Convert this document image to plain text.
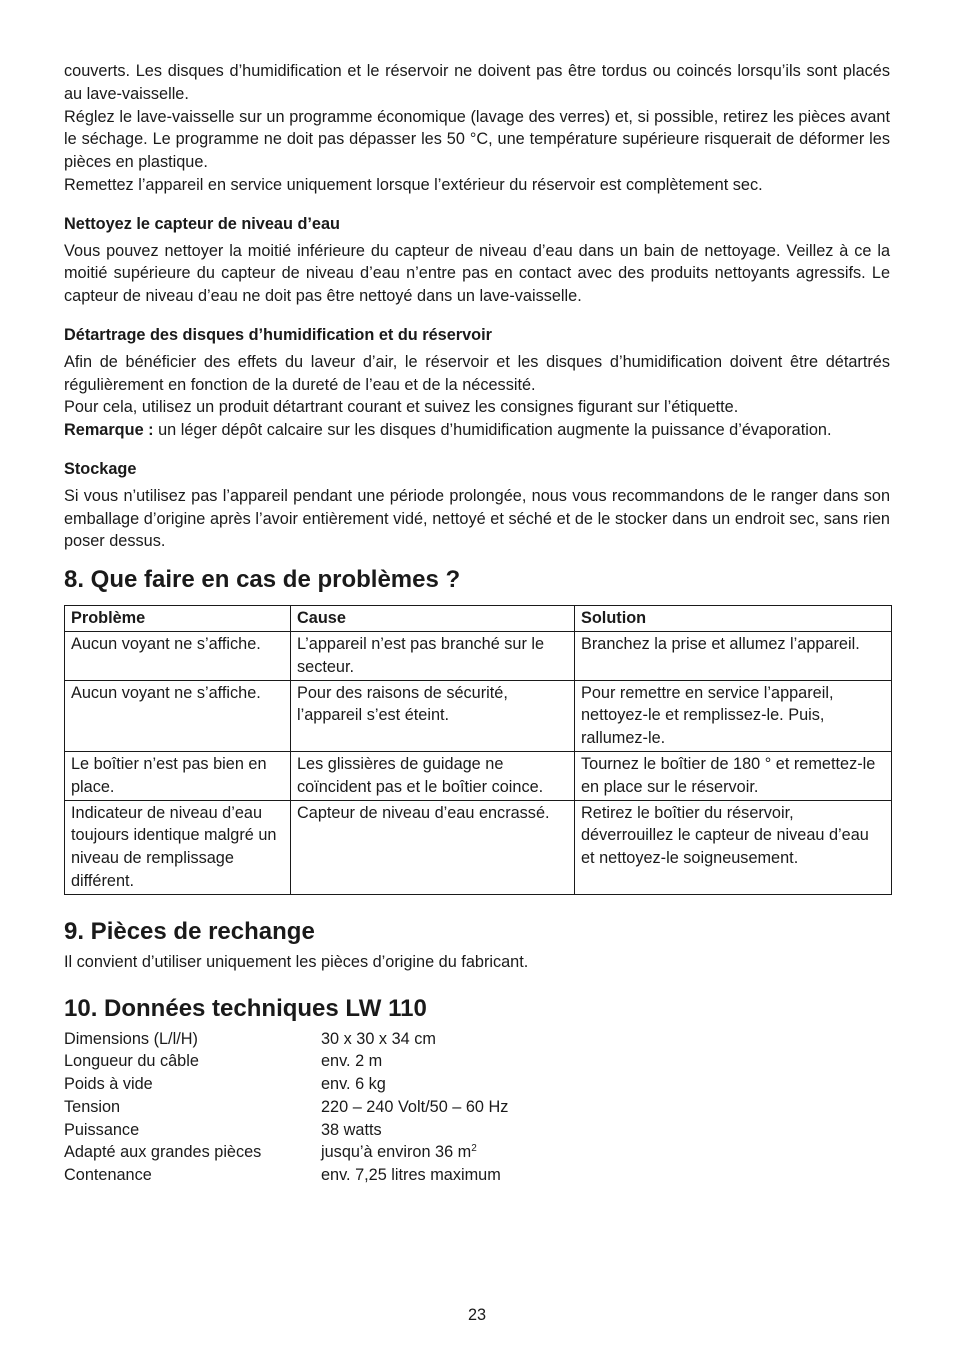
couverts. Les disques d’humidification et le réservoir ne doivent pas être tordus ou coincés lorsqu’ils sont placés au lave-vaisselle.

Réglez le lave-vaisselle sur un programme économique (lavage des verres) et, si possible, retirez les pièces avant le séchage. Le programme ne doit pas dépasser les 50 °C, une température supérieure risquerait de déformer les pièces en plastique.

Remettez l’appareil en service uniquement lorsque l’extérieur du réservoir est complètement sec.

Nettoyez le capteur de niveau d’eau

Vous pouvez nettoyer la moitié inférieure du capteur de niveau d’eau dans un bain de nettoyage. Veillez à ce la moitié supérieure du capteur de niveau d’eau n’entre pas en contact avec des produits nettoyants agressifs. Le capteur de niveau d’eau ne doit pas être nettoyé dans un lave-vaisselle.

Détartrage des disques d’humidification et du réservoir

Afin de bénéficier des effets du laveur d’air, le réservoir et les disques d’humidification doivent être détartrés régulièrement en fonction de la dureté de l’eau et de la nécessité.

Pour cela, utilisez un produit détartrant courant et suivez les consignes figurant sur l’étiquette.

Remarque : un léger dépôt calcaire sur les disques d’humidification augmente la puissance d’évaporation.

Stockage

Si vous n’utilisez pas l’appareil pendant une période prolongée, nous vous recommandons de le ranger dans son emballage d’origine après l’avoir entièrement vidé, nettoyé et séché et de le stocker dans un endroit sec, sans rien poser dessus.

8. Que faire en cas de problèmes ?
Problème	Cause	Solution
Aucun voyant ne s’affiche.	L’appareil n’est pas branché sur le secteur.	Branchez la prise et allumez l’appareil.
Aucun voyant ne s’affiche.	Pour des raisons de sécurité, l’appareil s’est éteint.	Pour remettre en service l’appareil, nettoyez-le et remplissez-le. Puis, rallumez-le.
Le boîtier n’est pas bien en place.	Les glissières de guidage ne coïncident pas et le boîtier coince.	Tournez le boîtier de 180 ° et remettez-le en place sur le réservoir.
Indicateur de niveau d’eau toujours identique malgré un niveau de remplissage différent.	Capteur de niveau d’eau encrassé.	Retirez le boîtier du réservoir, déverrouillez le capteur de niveau d’eau et nettoyez-le soigneusement.
9. Pièces de rechange

Il convient d’utiliser uniquement les pièces d’origine du fabricant.

10. Données techniques LW 110
Dimensions (L/l/H)	30 x 30 x 34 cm
Longueur du câble	env. 2 m
Poids à vide	env. 6 kg
Tension	220 – 240 Volt/50 – 60 Hz
Puissance	38 watts
Adapté aux grandes pièces	jusqu’à environ 36 $m^2$
Contenance	env. 7,25 litres maximum
23
